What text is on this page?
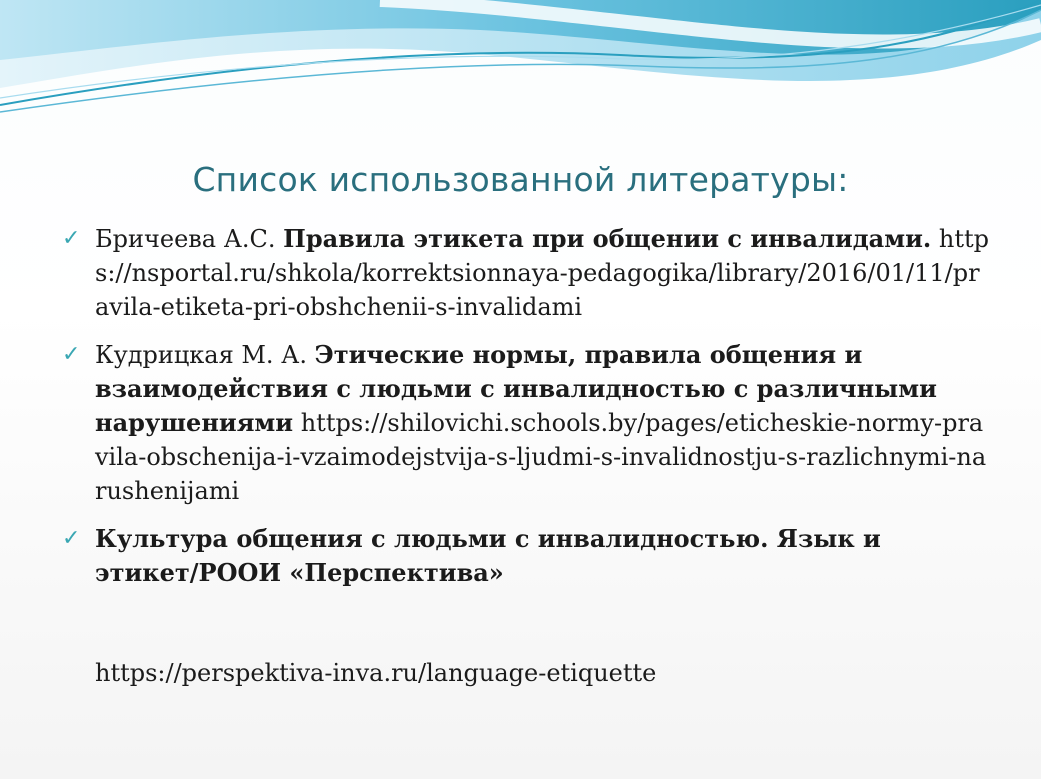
Список использованной литературы:
✓ Бричеева А.С. Правила этикета при общении с инвалидами. https://nsportal.ru/shkola/korrektsionnaya-pedagogika/library/2016/01/11/pravila-etiketa-pri-obshchenii-s-invalidami
✓ Кудрицкая М. А. Этические нормы, правила общения и взаимодействия с людьми с инвалидностью с различными нарушениями https://shilovichi.schools.by/pages/eticheskie-normy-pravila-obschenija-i-vzaimodejstvija-s-ljudmi-s-invalidnostju-s-razlichnymi-narushenijami
✓ Культура общения с людьми с инвалидностью. Язык и этикет/РООИ «Перспектива»
https://perspektiva-inva.ru/language-etiquette
